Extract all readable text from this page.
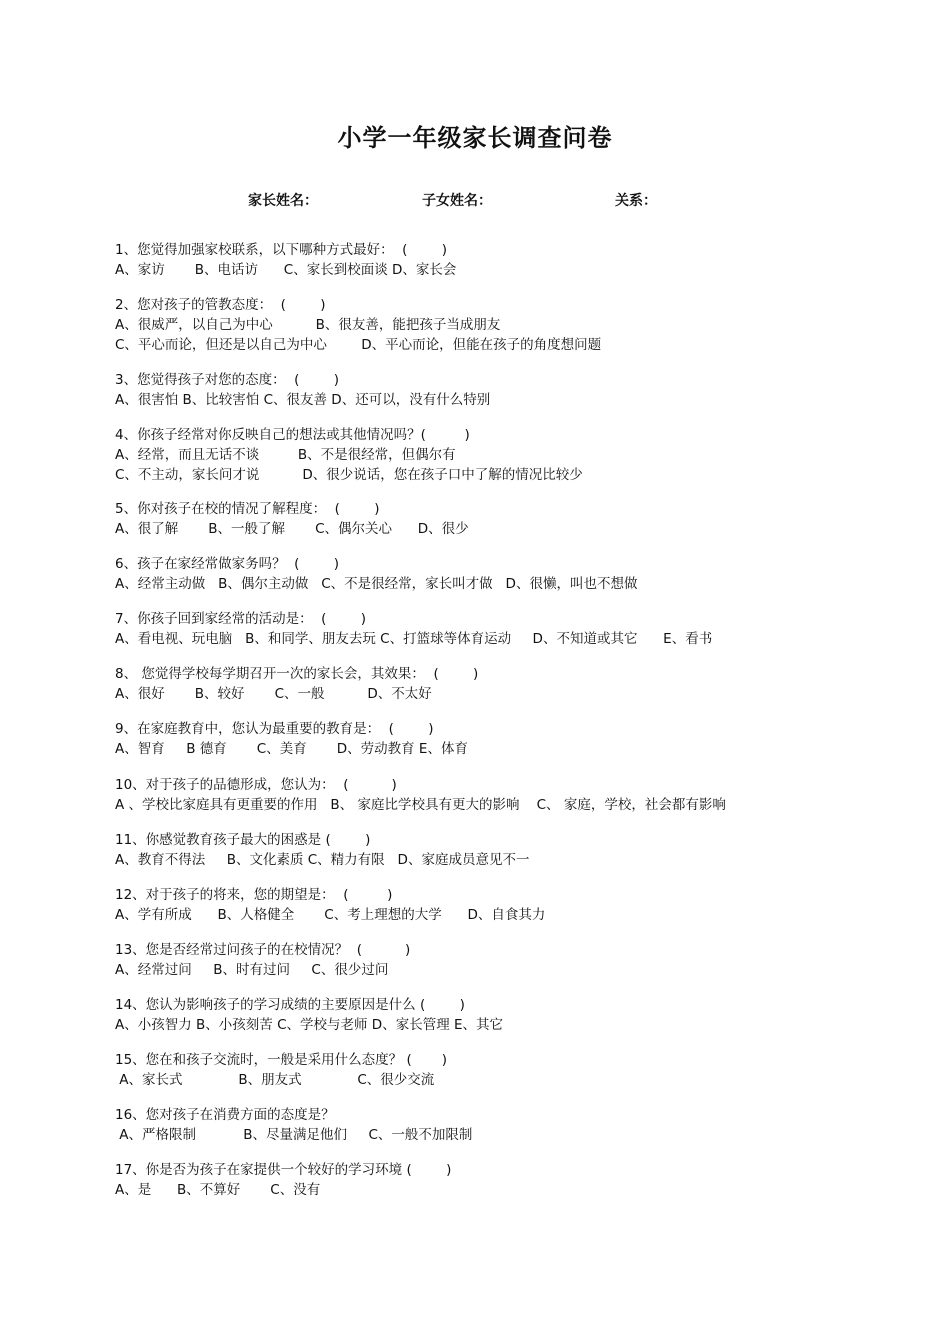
小学一年级家长调查问卷
家长姓名：	子女姓名：	关系：
1、您觉得加强家校联系，以下哪种方式最好：  (        )
A、家访       B、电话访      C、家长到校面谈 D、家长会
2、您对孩子的管教态度：  (        )
A、很威严，以自己为中心          B、很友善，能把孩子当成朋友
C、平心而论，但还是以自己为中心        D、平心而论，但能在孩子的角度想问题
3、您觉得孩子对您的态度：  (        )
A、很害怕 B、比较害怕 C、很友善 D、还可以，没有什么特别
4、你孩子经常对你反映自己的想法或其他情况吗？(         )
A、经常，而且无话不谈         B、不是很经常，但偶尔有
C、不主动，家长问才说          D、很少说话，您在孩子口中了解的情况比较少
5、你对孩子在校的情况了解程度：  (        )
A、很了解       B、一般了解       C、偶尔关心      D、很少
6、孩子在家经常做家务吗？  (        )
A、经常主动做   B、偶尔主动做   C、不是很经常，家长叫才做   D、很懒，叫也不想做
7、你孩子回到家经常的活动是：  (        )
A、看电视、玩电脑   B、和同学、朋友去玩 C、打篮球等体育运动     D、不知道或其它      E、看书
8、 您觉得学校每学期召开一次的家长会，其效果：  (        )
A、很好       B、较好       C、一般          D、不太好
9、在家庭教育中，您认为最重要的教育是：  (        )
A、智育     B 德育       C、美育       D、劳动教育 E、体育
10、对于孩子的品德形成，您认为：  (          )
A 、学校比家庭具有更重要的作用   B、 家庭比学校具有更大的影响    C、 家庭，学校，社会都有影响
11、你感觉教育孩子最大的困惑是 (        )
A、教育不得法     B、文化素质 C、精力有限   D、家庭成员意见不一
12、对于孩子的将来，您的期望是：  (         )
A、学有所成      B、人格健全       C、考上理想的大学      D、自食其力
13、您是否经常过问孩子的在校情况？  (          )
A、经常过问     B、时有过问     C、很少过问
14、您认为影响孩子的学习成绩的主要原因是什么 (        )
A、小孩智力 B、小孩刻苦 C、学校与老师 D、家长管理 E、其它
15、您在和孩子交流时，一般是采用什么态度？ (       )
A、家长式             B、朋友式             C、很少交流
16、您对孩子在消费方面的态度是？
A、严格限制           B、尽量满足他们     C、一般不加限制
17、你是否为孩子在家提供一个较好的学习环境 (        )
A、是      B、不算好       C、没有
